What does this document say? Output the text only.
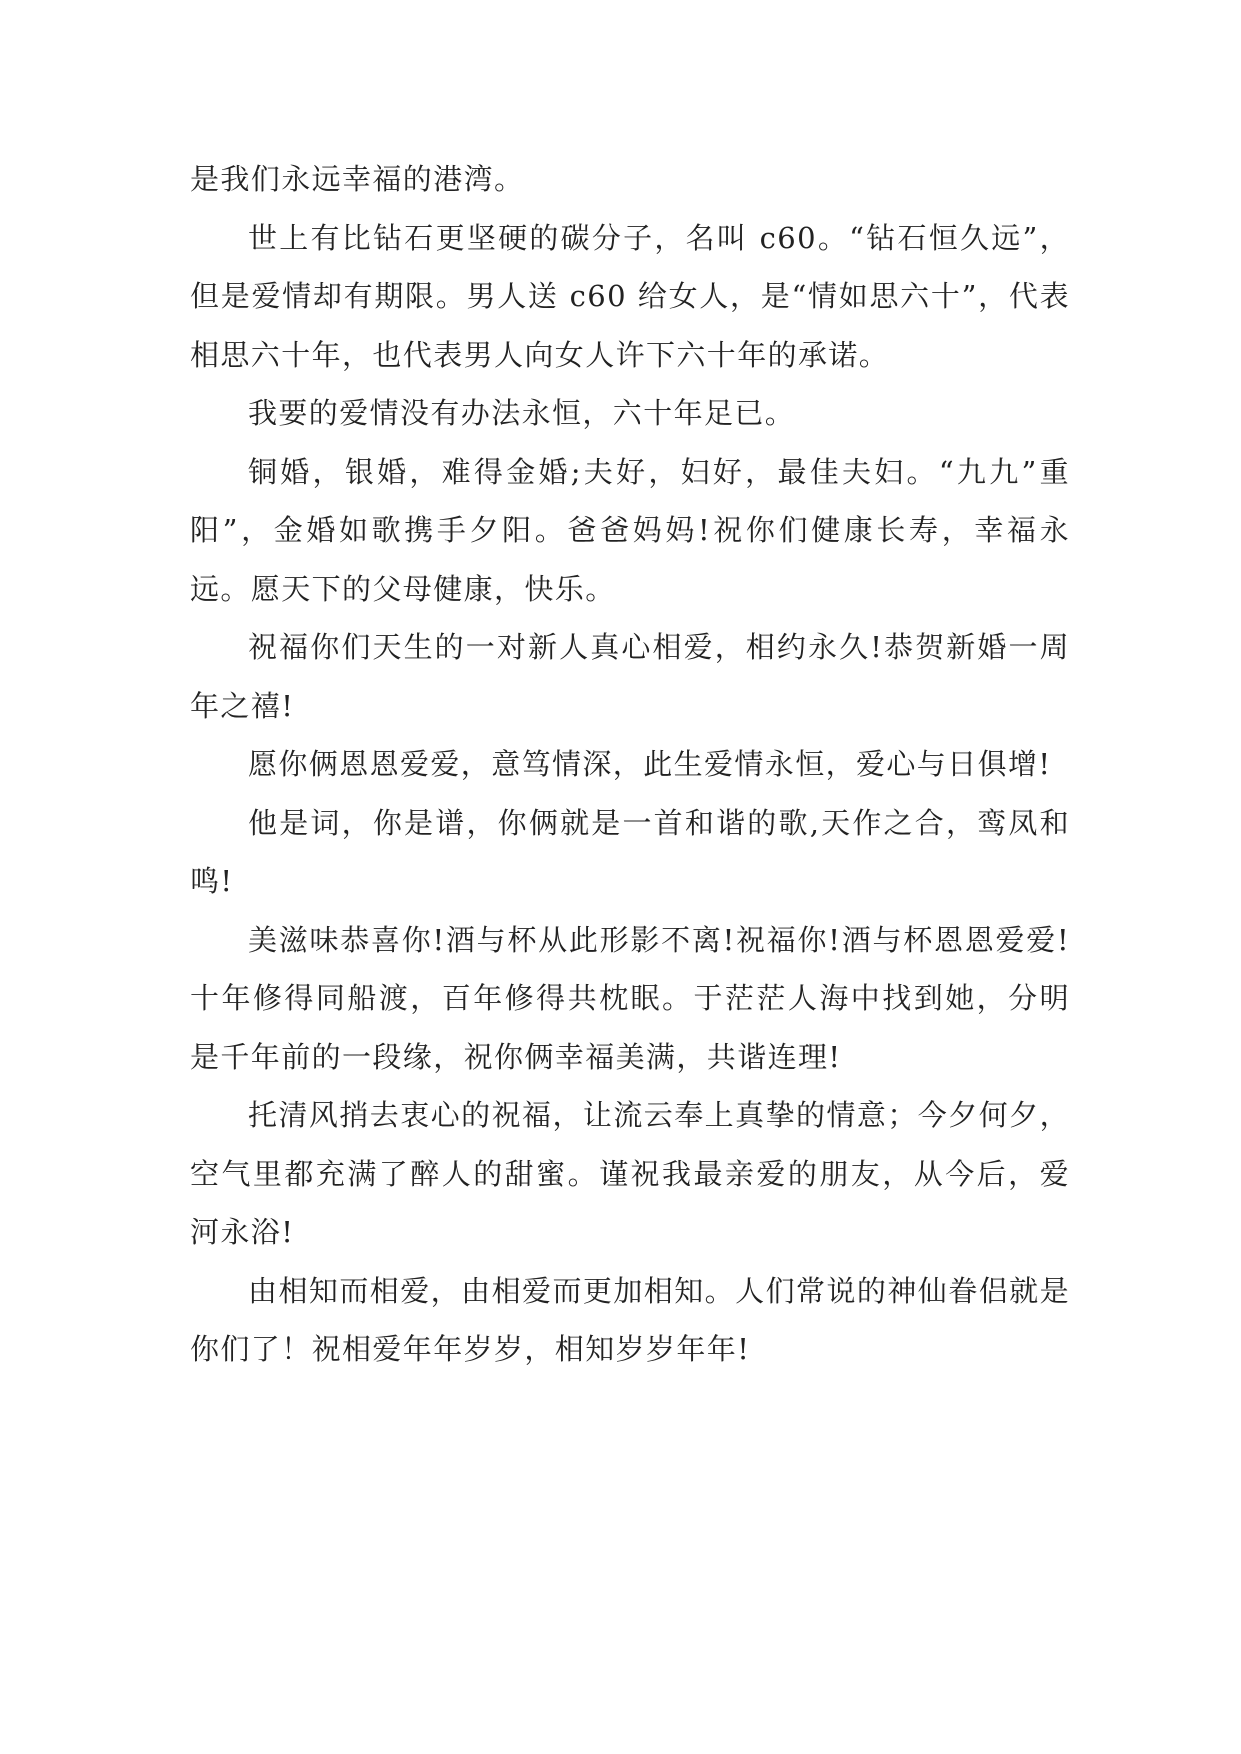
是我们永远幸福的港湾。

世上有比钻石更坚硬的碳分子，名叫 c60。“钻石恒久远”，但是爱情却有期限。男人送 c60 给女人，是“情如思六十”，代表相思六十年，也代表男人向女人许下六十年的承诺。

我要的爱情没有办法永恒，六十年足已。

铜婚，银婚，难得金婚;夫好，妇好，最佳夫妇。“九九”重阳”，金婚如歌携手夕阳。爸爸妈妈!祝你们健康长寿，幸福永远。愿天下的父母健康，快乐。

祝福你们天生的一对新人真心相爱，相约永久!恭贺新婚一周年之禧!

愿你俩恩恩爱爱，意笃情深，此生爱情永恒，爱心与日俱增!

他是词，你是谱，你俩就是一首和谐的歌,天作之合，鸾凤和鸣!

美滋味恭喜你!酒与杯从此形影不离!祝福你!酒与杯恩恩爱爱! 十年修得同船渡，百年修得共枕眠。于茫茫人海中找到她，分明是千年前的一段缘，祝你俩幸福美满，共谐连理!

托清风捎去衷心的祝福，让流云奉上真挚的情意；今夕何夕，空气里都充满了醉人的甜蜜。谨祝我最亲爱的朋友，从今后，爱河永浴!

由相知而相爱，由相爱而更加相知。人们常说的神仙眷侣就是你们了！祝相爱年年岁岁，相知岁岁年年!
